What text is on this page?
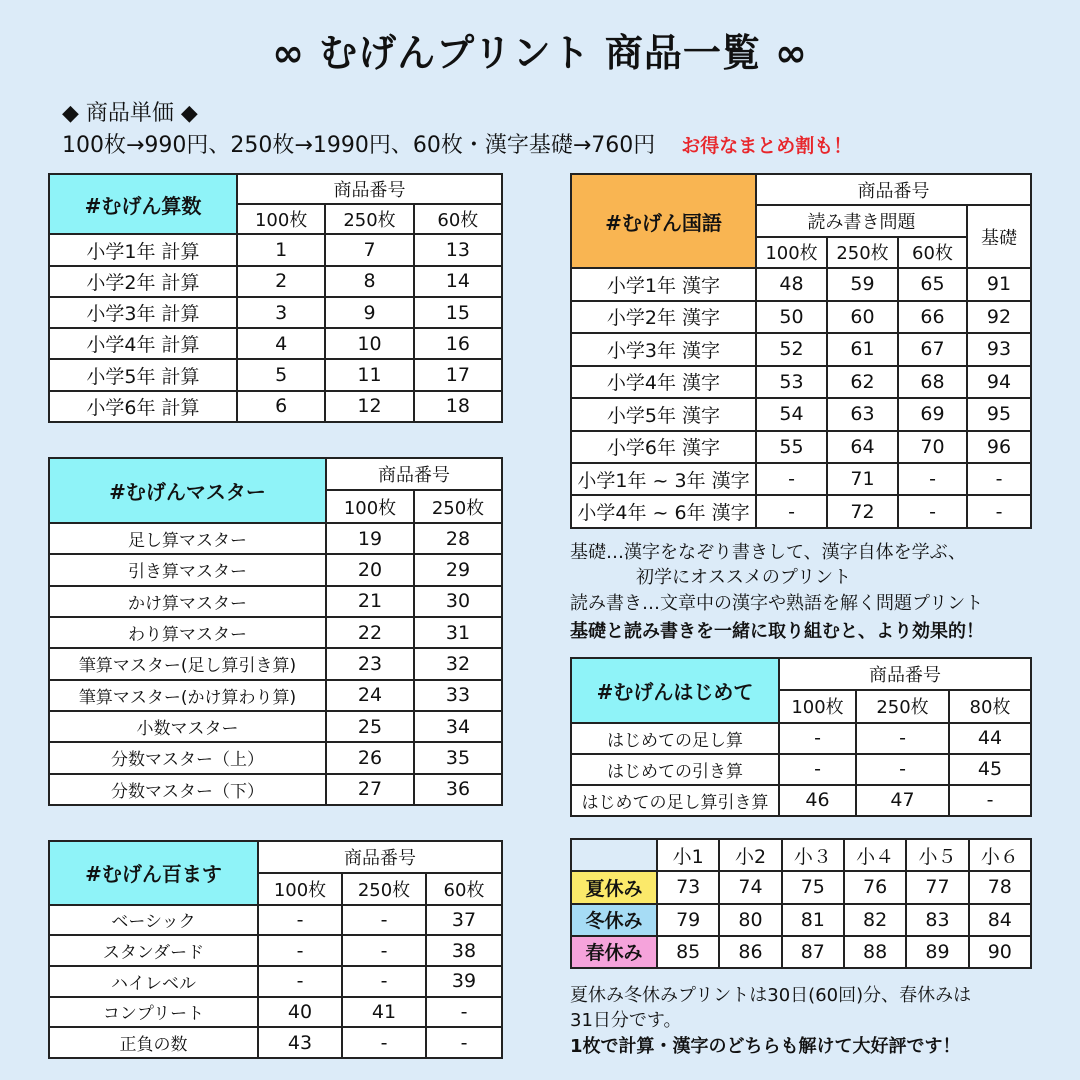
∞ むげんプリント 商品一覧 ∞
◆ 商品単価 ◆
100枚→990円、250枚→1990円、60枚・漢字基礎→760円 お得なまとめ割も！
#むげん算数	商品番号		
	100枚	250枚	60枚
小学1年 計算	1	7	13
小学2年 計算	2	8	14
小学3年 計算	3	9	15
小学4年 計算	4	10	16
小学5年 計算	5	11	17
小学6年 計算	6	12	18
#むげんマスター	商品番号	
	100枚	250枚
足し算マスター	19	28
引き算マスター	20	29
かけ算マスター	21	30
わり算マスター	22	31
筆算マスター(足し算引き算)	23	32
筆算マスター(かけ算わり算)	24	33
小数マスター	25	34
分数マスター（上）	26	35
分数マスター（下）	27	36
#むげん百ます	商品番号		
	100枚	250枚	60枚
ベーシック	-	-	37
スタンダード	-	-	38
ハイレベル	-	-	39
コンプリート	40	41	-
正負の数	43	-	-
#むげん国語	商品番号			
	読み書き問題			基礎
	100枚	250枚	60枚	
小学1年 漢字	48	59	65	91
小学2年 漢字	50	60	66	92
小学3年 漢字	52	61	67	93
小学4年 漢字	53	62	68	94
小学5年 漢字	54	63	69	95
小学6年 漢字	55	64	70	96
小学1年 ~ 3年 漢字	-	71	-	-
小学4年 ~ 6年 漢字	-	72	-	-
#むげんはじめて	商品番号		
	100枚	250枚	80枚
はじめての足し算	-	-	44
はじめての引き算	-	-	45
はじめての足し算引き算	46	47	-
	小1	小2	小３	小４	小５	小６
夏休み	73	74	75	76	77	78
冬休み	79	80	81	82	83	84
春休み	85	86	87	88	89	90
基礎…漢字をなぞり書きして、漢字自体を学ぶ、
初学にオススメのプリント
読み書き…文章中の漢字や熟語を解く問題プリント
基礎と読み書きを一緒に取り組むと、より効果的！
夏休み冬休みプリントは30日(60回)分、春休みは
31日分です。
1枚で計算・漢字のどちらも解けて大好評です！
